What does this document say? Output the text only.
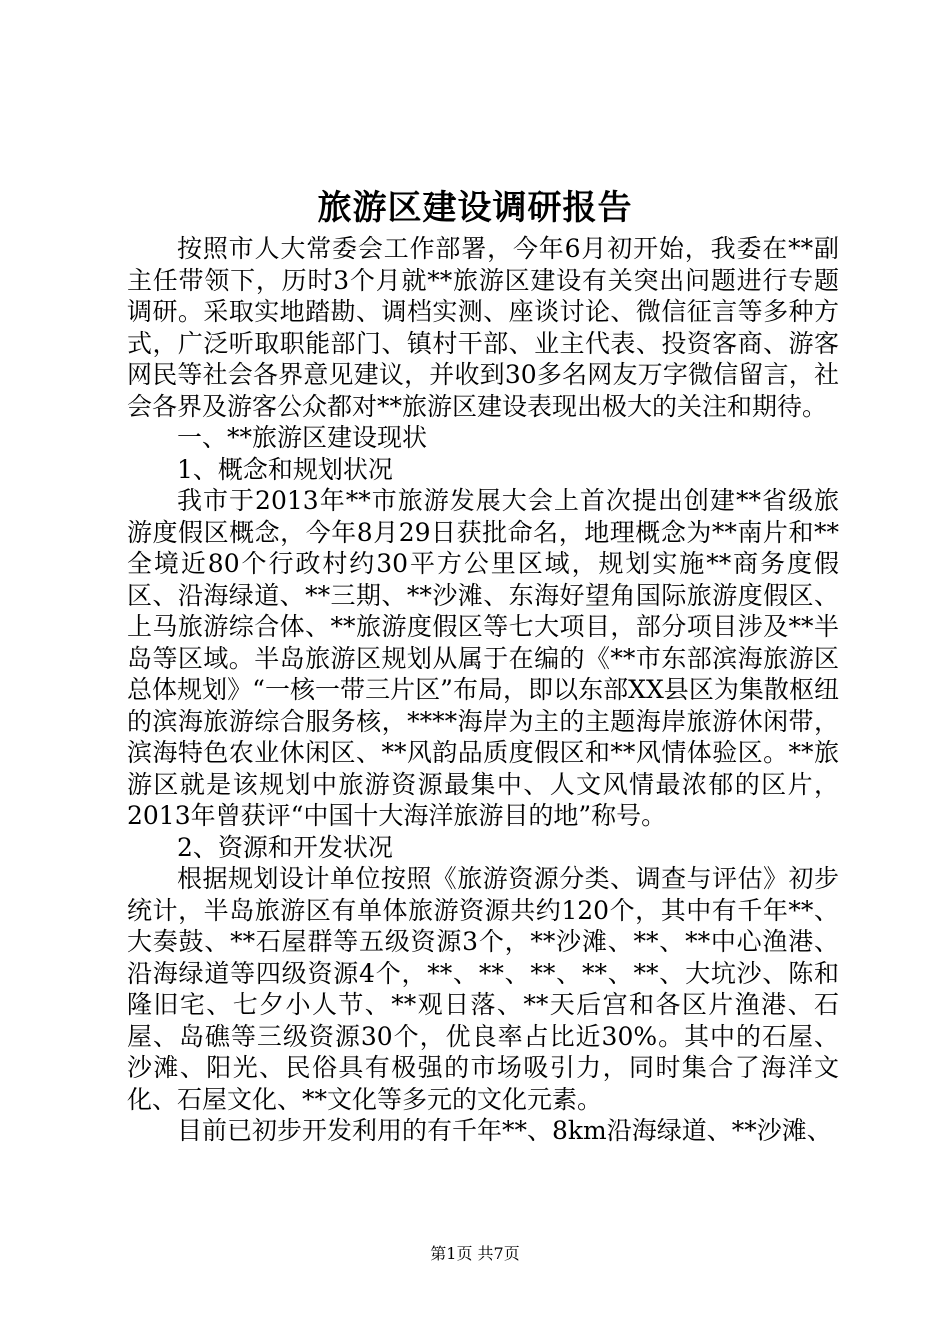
旅游区建设调研报告

按照市人大常委会工作部署，今年6月初开始，我委在**副主任带领下，历时3个月就**旅游区建设有关突出问题进行专题调研。采取实地踏勘、调档实测、座谈讨论、微信征言等多种方式，广泛听取职能部门、镇村干部、业主代表、投资客商、游客网民等社会各界意见建议，并收到30多名网友万字微信留言，社会各界及游客公众都对**旅游区建设表现出极大的关注和期待。

一、**旅游区建设现状

1、概念和规划状况

我市于2013年**市旅游发展大会上首次提出创建**省级旅游度假区概念，今年8月29日获批命名，地理概念为**南片和**全境近80个行政村约30平方公里区域，规划实施**商务度假区、沿海绿道、**三期、**沙滩、东海好望角国际旅游度假区、上马旅游综合体、**旅游度假区等七大项目，部分项目涉及**半岛等区域。半岛旅游区规划从属于在编的《**市东部滨海旅游区总体规划》“一核一带三片区”布局，即以东部XX县区为集散枢纽的滨海旅游综合服务核，****海岸为主的主题海岸旅游休闲带，滨海特色农业休闲区、**风韵品质度假区和**风情体验区。**旅游区就是该规划中旅游资源最集中、人文风情最浓郁的区片，2013年曾获评“中国十大海洋旅游目的地”称号。

2、资源和开发状况

根据规划设计单位按照《旅游资源分类、调查与评估》初步统计，半岛旅游区有单体旅游资源共约120个，其中有千年**、大奏鼓、**石屋群等五级资源3个，**沙滩、**、**中心渔港、沿海绿道等四级资源4个，**、**、**、**、**、大坑沙、陈和隆旧宅、七夕小人节、**观日落、**天后宫和各区片渔港、石屋、岛礁等三级资源30个，优良率占比近30%。其中的石屋、沙滩、阳光、民俗具有极强的市场吸引力，同时集合了海洋文化、石屋文化、**文化等多元的文化元素。

目前已初步开发利用的有千年**、8km沿海绿道、**沙滩、

第1页 共7页
